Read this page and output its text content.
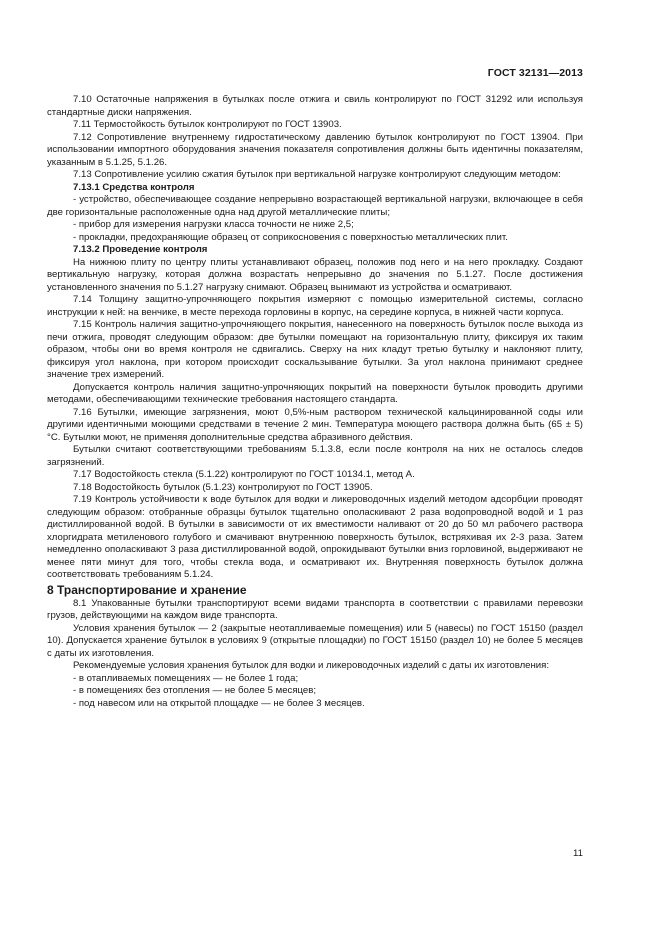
ГОСТ 32131—2013

7.10 Остаточные напряжения в бутылках после отжига и свиль контролируют по ГОСТ 31292 или используя стандартные диски напряжения.

7.11 Термостойкость бутылок контролируют по ГОСТ 13903.

7.12 Сопротивление внутреннему гидростатическому давлению бутылок контролируют по ГОСТ 13904. При использовании импортного оборудования значения показателя сопротивления должны быть идентичны показателям, указанным в 5.1.25, 5.1.26.

7.13 Сопротивление усилию сжатия бутылок при вертикальной нагрузке контролируют следующим методом:

7.13.1 Средства контроля

- устройство, обеспечивающее создание непрерывно возрастающей вертикальной нагрузки, включающее в себя две горизонтальные расположенные одна над другой металлические плиты;

- прибор для измерения нагрузки класса точности не ниже 2,5;

- прокладки, предохраняющие образец от соприкосновения с поверхностью металлических плит.

7.13.2 Проведение контроля

На нижнюю плиту по центру плиты устанавливают образец, положив под него и на него прокладку. Создают вертикальную нагрузку, которая должна возрастать непрерывно до значения по 5.1.27. После достижения установленного значения по 5.1.27 нагрузку снимают. Образец вынимают из устройства и осматривают.

7.14 Толщину защитно-упрочняющего покрытия измеряют с помощью измерительной системы, согласно инструкции к ней: на венчике, в месте перехода горловины в корпус, на середине корпуса, в нижней части корпуса.

7.15 Контроль наличия защитно-упрочняющего покрытия, нанесенного на поверхность бутылок после выхода из печи отжига, проводят следующим образом: две бутылки помещают на горизонтальную плиту, фиксируя их таким образом, чтобы они во время контроля не сдвигались. Сверху на них кладут третью бутылку и наклоняют плиту, фиксируя угол наклона, при котором происходит соскальзывание бутылки. За угол наклона принимают среднее значение трех измерений.

Допускается контроль наличия защитно-упрочняющих покрытий на поверхности бутылок проводить другими методами, обеспечивающими технические требования настоящего стандарта.

7.16 Бутылки, имеющие загрязнения, моют 0,5%-ным раствором технической кальцинированной соды или другими идентичными моющими средствами в течение 2 мин. Температура моющего раствора должна быть (65 ± 5) °С. Бутылки моют, не применяя дополнительные средства абразивного действия.

Бутылки считают соответствующими требованиям 5.1.3.8, если после контроля на них не осталось следов загрязнений.

7.17 Водостойкость стекла (5.1.22) контролируют по ГОСТ 10134.1, метод А.

7.18 Водостойкость бутылок (5.1.23) контролируют по ГОСТ 13905.

7.19 Контроль устойчивости к воде бутылок для водки и ликероводочных изделий методом адсорбции проводят следующим образом: отобранные образцы бутылок тщательно ополаскивают 2 раза водопроводной водой и 1 раз дистиллированной водой. В бутылки в зависимости от их вместимости наливают от 20 до 50 мл рабочего раствора хлоргидрата метиленового голубого и смачивают внутреннюю поверхность бутылок, встряхивая их 2-3 раза. Затем немедленно ополаскивают 3 раза дистиллированной водой, опрокидывают бутылки вниз горловиной, выдерживают не менее пяти минут для того, чтобы стекла вода, и осматривают их. Внутренняя поверхность бутылок должна соответствовать требованиям 5.1.24.

8 Транспортирование и хранение

8.1 Упакованные бутылки транспортируют всеми видами транспорта в соответствии с правилами перевозки грузов, действующими на каждом виде транспорта.

Условия хранения бутылок — 2 (закрытые неотапливаемые помещения) или 5 (навесы) по ГОСТ 15150 (раздел 10). Допускается хранение бутылок в условиях 9 (открытые площадки) по ГОСТ 15150 (раздел 10) не более 5 месяцев с даты их изготовления.

Рекомендуемые условия хранения бутылок для водки и ликероводочных изделий с даты их изготовления:

- в отапливаемых помещениях — не более 1 года;

- в помещениях без отопления — не более 5 месяцев;

- под навесом или на открытой площадке — не более 3 месяцев.

11
